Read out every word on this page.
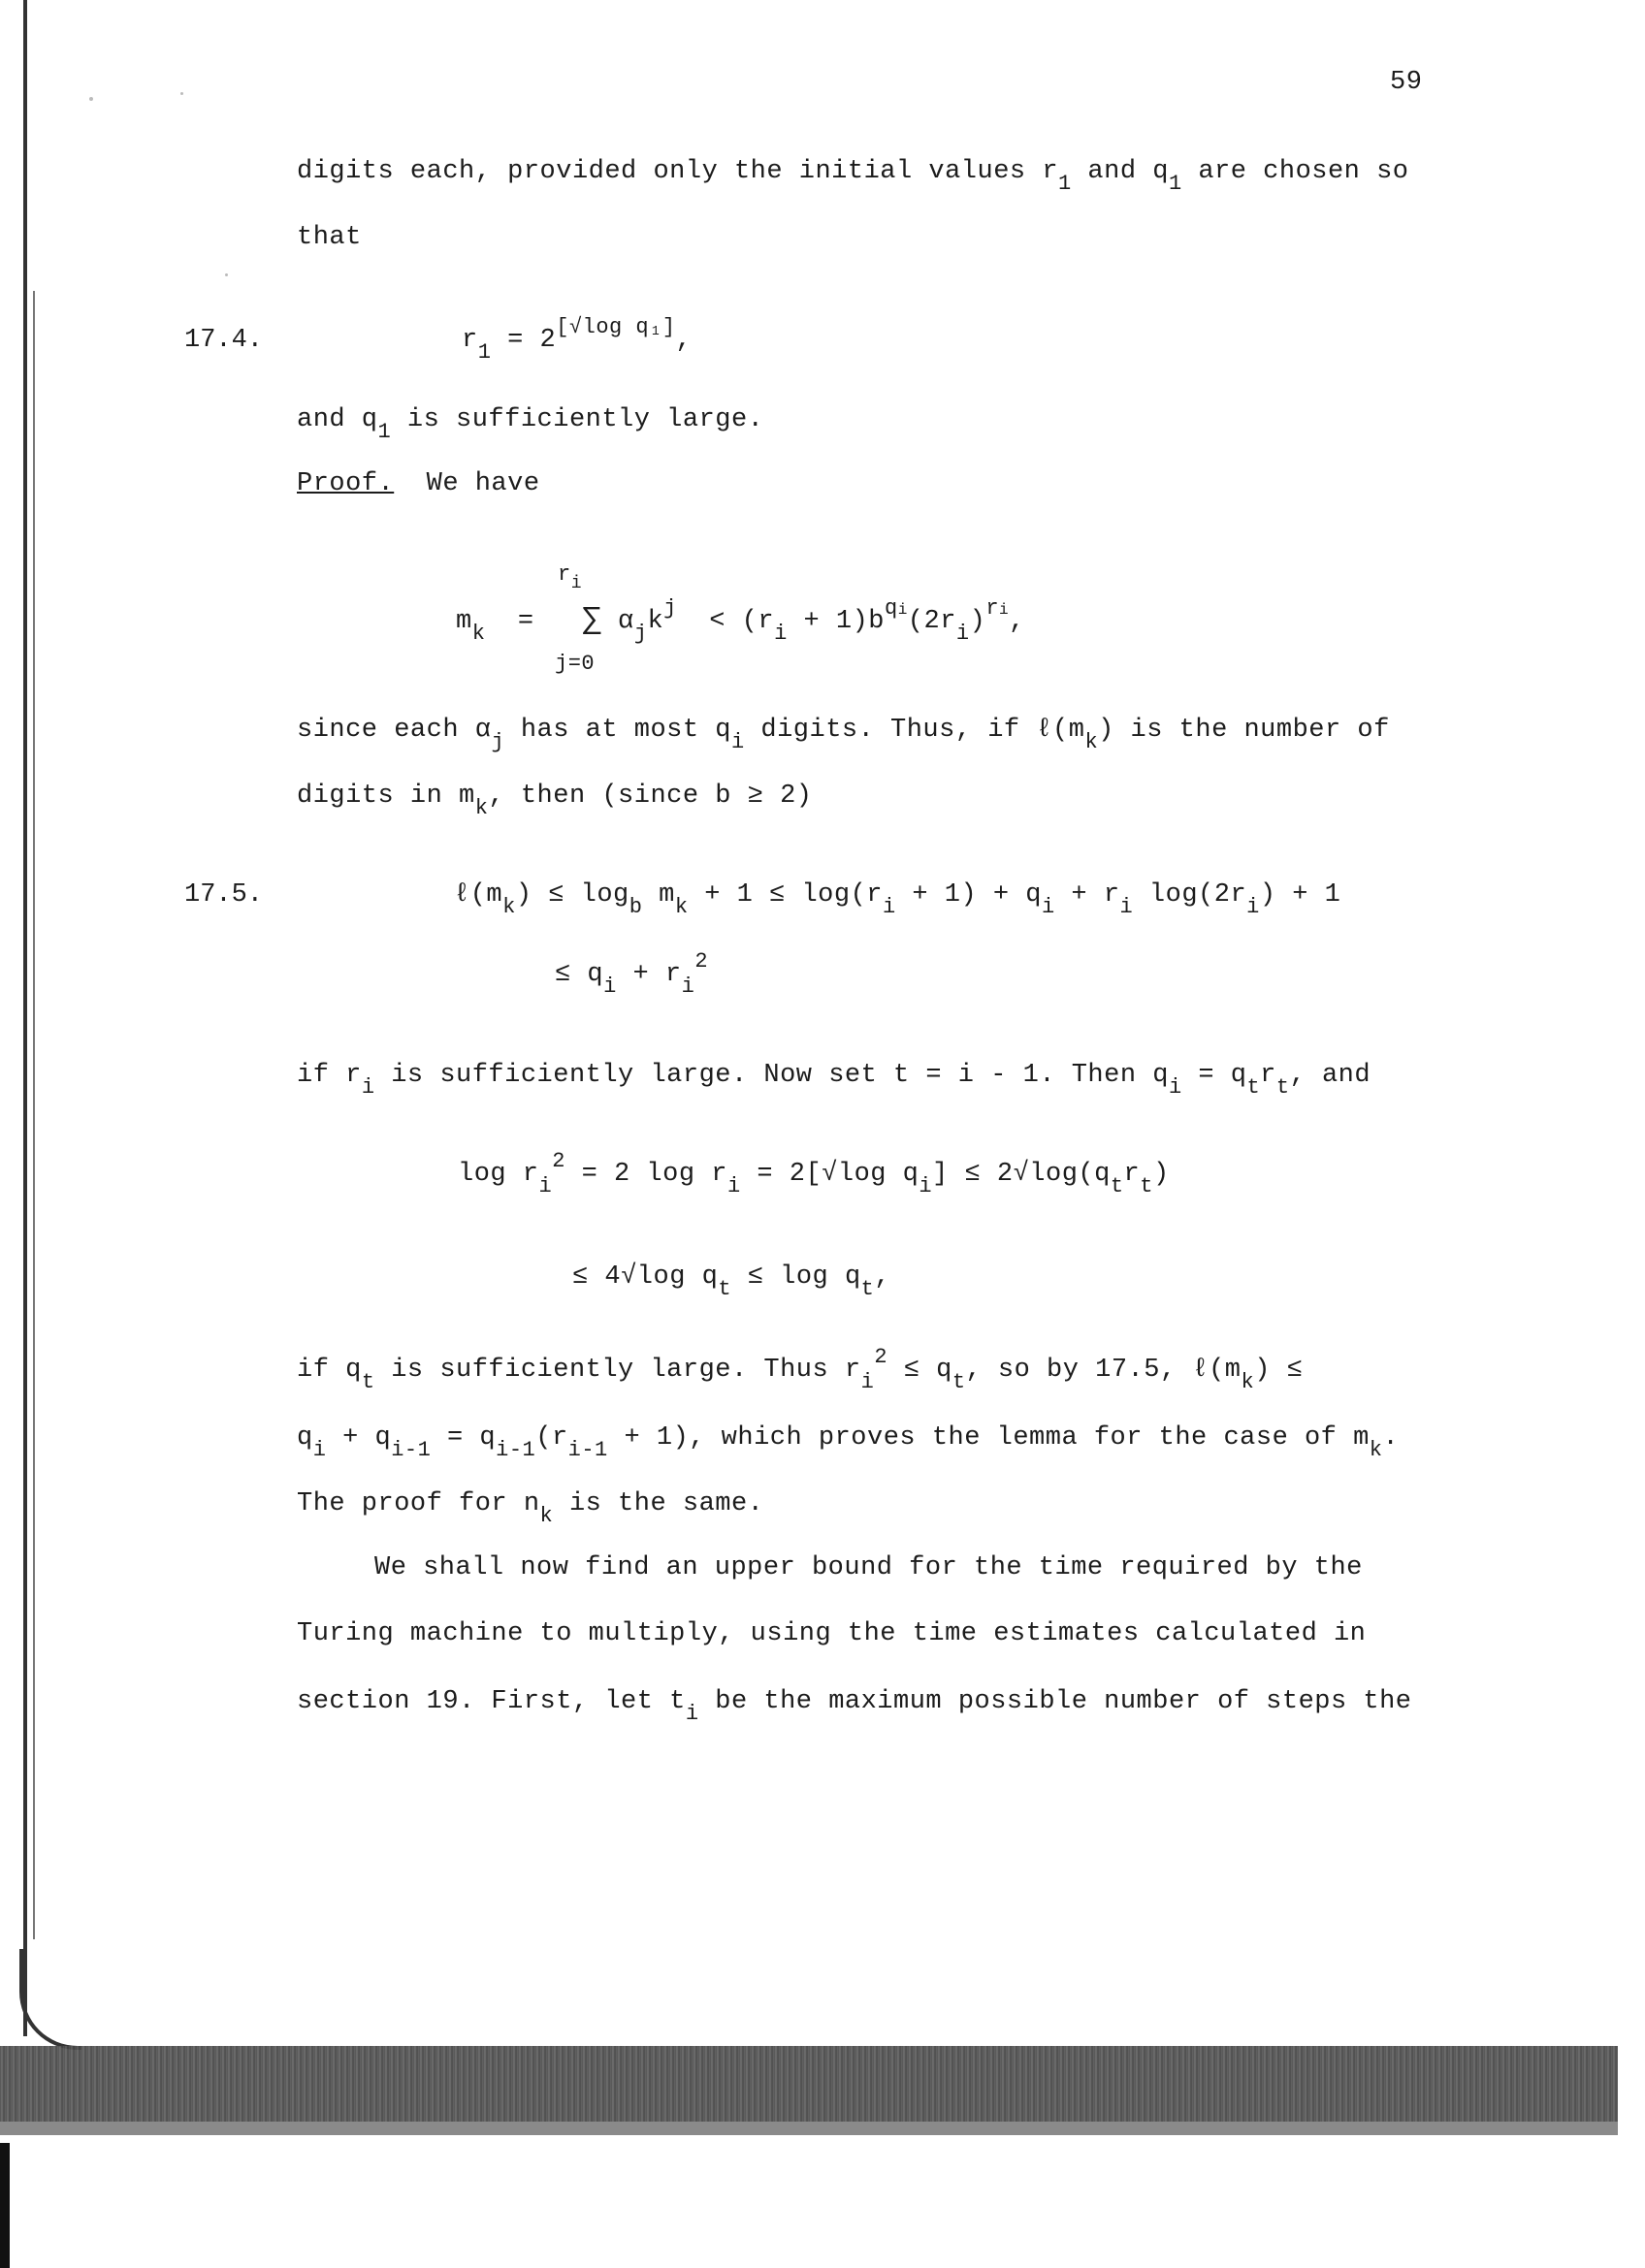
59
digits each, provided only the initial values $r_1$ and $q_1$ are chosen so
that
17.4.	$r_1 = 2[√\log q_1]$,
and $q_1$ is sufficiently large.
Proof. We have
$r_i$
$m_k$ = ∑ $\alpha_jk^j < (r_i + 1)b^{qi}(2r_i)^{ri}$,
j=0
since each $\alpha_j$ has at most $q_i$ digits. Thus, if $\ell(m_k)$ is the number of
digits in $m_k$, then (since b ≥ 2)
17.5.	$\ell(m_k) \le \log_b m_k + 1 \le \log(r_i + 1) + q_i + r_i$ $\log(2r_i) + 1$
≤ $q_i + r_i^2$
if $r_i$ is sufficiently large. Now set t = i - 1. Then $q_i = q_tr_t$, and
$\log r_i^2 = 2$ $\log r_i = 2[√\log$ $q_i] \le 2√\log(q_tr_t)$
≤ 4√log $q_t \le \log q_t$,
if $q_t$ is sufficiently large. Thus $r_i^2 \le q_t$, so by 17.5, $\ell(m_k)$ ≤
$q_i + q_{i-1} = q_{i-1}(r_{i-1} + 1)$, which proves the lemma for the case of $m_k$.
The proof for $n_k$ is the same.
We shall now find an upper bound for the time required by the
Turing machine to multiply, using the time estimates calculated in
section 19. First, let $t_i$ be the maximum possible number of steps the
